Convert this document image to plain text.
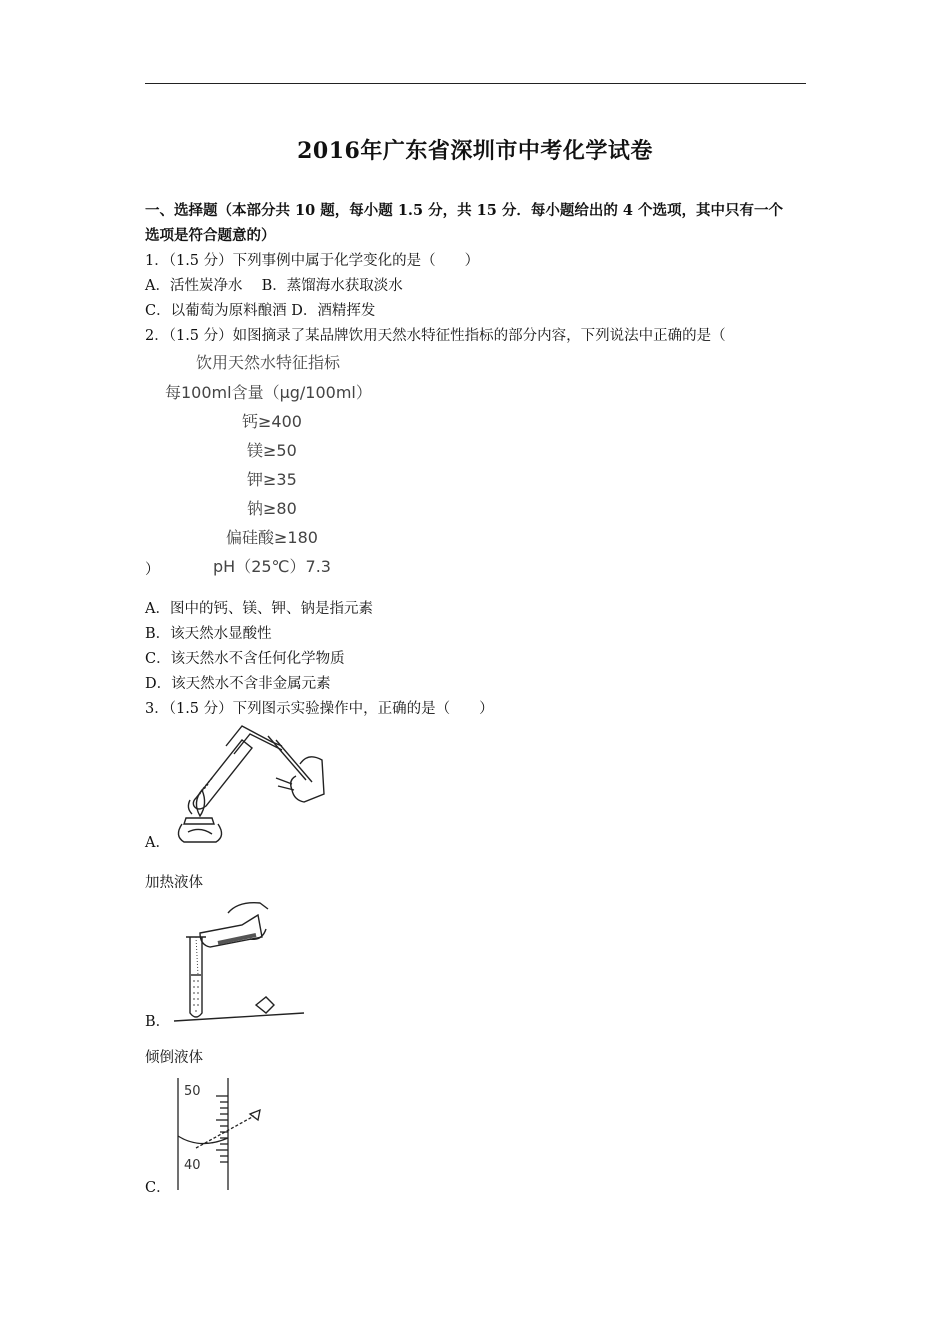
2016年广东省深圳市中考化学试卷
一、选择题（本部分共 10 题，每小题 1.5 分，共 15 分．每小题给出的 4 个选项，其中只有一个
选项是符合题意的）
1．（1.5 分）下列事例中属于化学变化的是（　　）
A．活性炭净水　 B．蒸馏海水获取淡水
C．以葡萄为原料酿酒 D．酒精挥发
2．（1.5 分）如图摘录了某品牌饮用天然水特征性指标的部分内容，下列说法中正确的是（
饮用天然水特征指标
每100ml含量（μg/100ml）
钙≥400
镁≥50
钾≥35
钠≥80
偏硅酸≥180
pH（25℃）7.3
）
A．图中的钙、镁、钾、钠是指元素
B．该天然水显酸性
C．该天然水不含任何化学物质
D．该天然水不含非金属元素
3．（1.5 分）下列图示实验操作中，正确的是（　　）
A．
加热液体
B．
倾倒液体
50
40
C．
